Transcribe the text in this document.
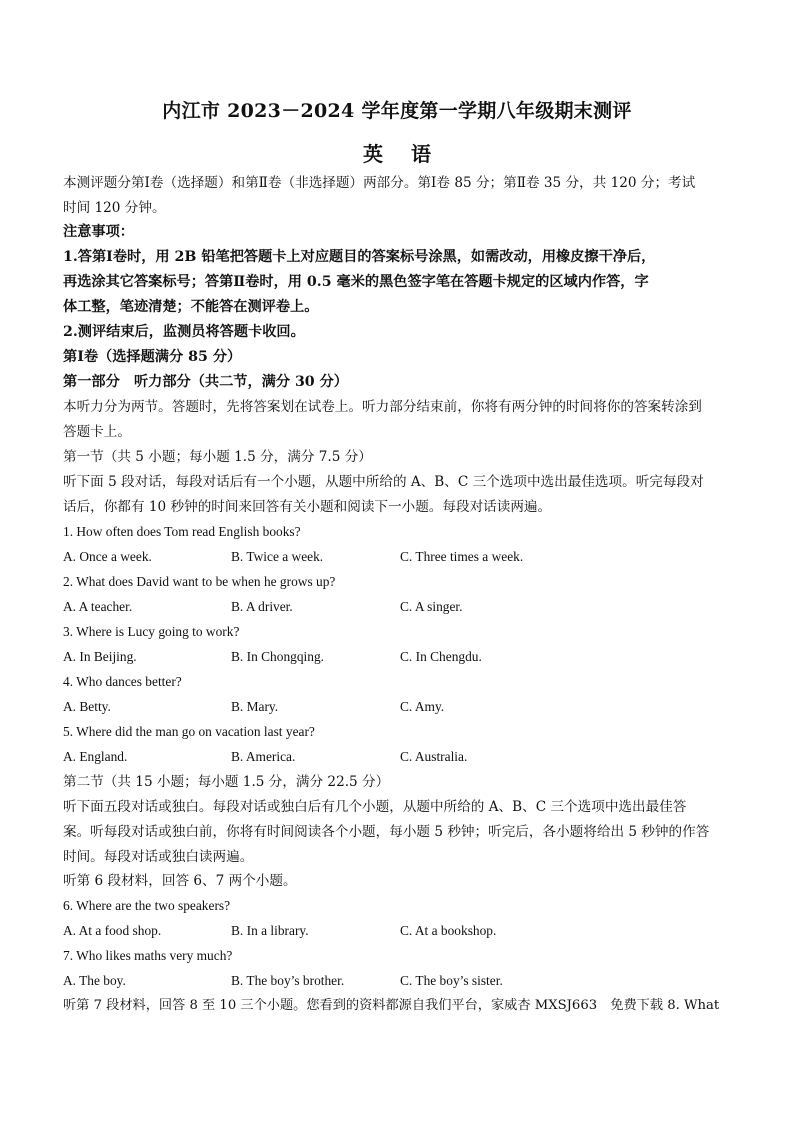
内江市 2023－2024 学年度第一学期八年级期末测评
英语
本测评题分第Ⅰ卷（选择题）和第Ⅱ卷（非选择题）两部分。第Ⅰ卷 85 分；第Ⅱ卷 35 分，共 120 分；考试
时间 120 分钟。
注意事项：
1.答第Ⅰ卷时，用 2B 铅笔把答题卡上对应题目的答案标号涂黑，如需改动，用橡皮擦干净后，
再选涂其它答案标号；答第Ⅱ卷时，用 0.5 毫米的黑色签字笔在答题卡规定的区域内作答，字
体工整，笔迹清楚；不能答在测评卷上。
2.测评结束后，监测员将答题卡收回。
第Ⅰ卷（选择题满分 85 分）
第一部分　听力部分（共二节，满分 30 分）
本听力分为两节。答题时，先将答案划在试卷上。听力部分结束前，你将有两分钟的时间将你的答案转涂到
答题卡上。
第一节（共 5 小题；每小题 1.5 分，满分 7.5 分）
听下面 5 段对话，每段对话后有一个小题，从题中所给的 A、B、C 三个选项中选出最佳选项。听完每段对
话后，你都有 10 秒钟的时间来回答有关小题和阅读下一小题。每段对话读两遍。
1. How often does Tom read English books?
A. Once a week.	B. Twice a week.	C. Three times a week.
2. What does David want to be when he grows up?
A. A teacher.	B. A driver.	C. A singer.
3. Where is Lucy going to work?
A. In Beijing.	B. In Chongqing.	C. In Chengdu.
4. Who dances better?
A. Betty.	B. Mary.	C. Amy.
5. Where did the man go on vacation last year?
A. England.	B. America.	C. Australia.
第二节（共 15 小题；每小题 1.5 分，满分 22.5 分）
听下面五段对话或独白。每段对话或独白后有几个小题，从题中所给的 A、B、C 三个选项中选出最佳答
案。听每段对话或独白前，你将有时间阅读各个小题，每小题 5 秒钟；听完后，各小题将给出 5 秒钟的作答
时间。每段对话或独白读两遍。
听第 6 段材料，回答 6、7 两个小题。
6. Where are the two speakers?
A. At a food shop.	B. In a library.	C. At a bookshop.
7. Who likes maths very much?
A. The boy.	B. The boy’s brother.	C. The boy’s sister.
听第 7 段材料，回答 8 至 10 三个小题。您看到的资料都源自我们平台，家威杏 MXSJ663　免费下载 8. What
